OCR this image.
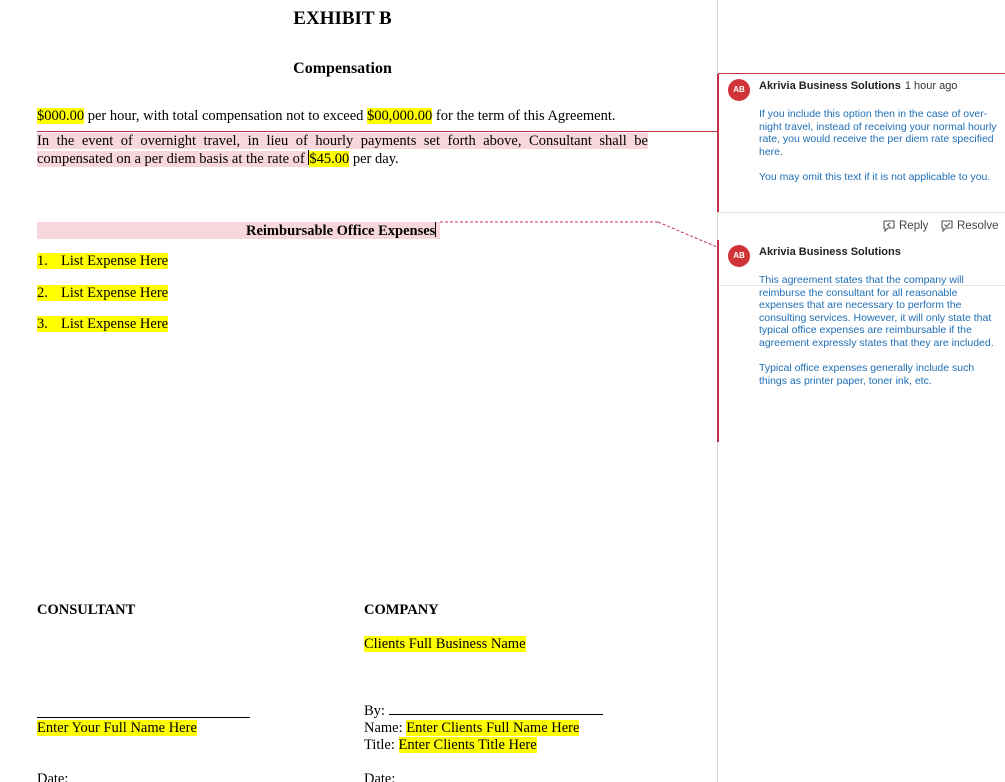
EXHIBIT B
Compensation
$000.00 per hour, with total compensation not to exceed $00,000.00 for the term of this Agreement.
In the event of overnight travel, in lieu of hourly payments set forth above, Consultant shall be
compensated on a per diem basis at the rate of $45.00 per day.
Reimbursable Office Expenses
1. List Expense Here
2. List Expense Here
3. List Expense Here
CONSULTANT	COMPANY
Clients Full Business Name
By:
Enter Your Full Name Here	Name: Enter Clients Full Name Here
Title: Enter Clients Title Here
Date:	Date:
AB	Akrivia Business Solutions 1 hour ago

If you include this option then in the case of over-night travel, instead of receiving your normal hourly rate, you would receive the per diem rate specified here.

You may omit this text if it is not applicable to you.

Reply Resolve
AB	Akrivia Business Solutions

This agreement states that the company will reimburse the consultant for all reasonable expenses that are necessary to perform the consulting services. However, it will only state that typical office expenses are reimbursable if the agreement expressly states that they are included.

Typical office expenses generally include such things as printer paper, toner ink, etc.
